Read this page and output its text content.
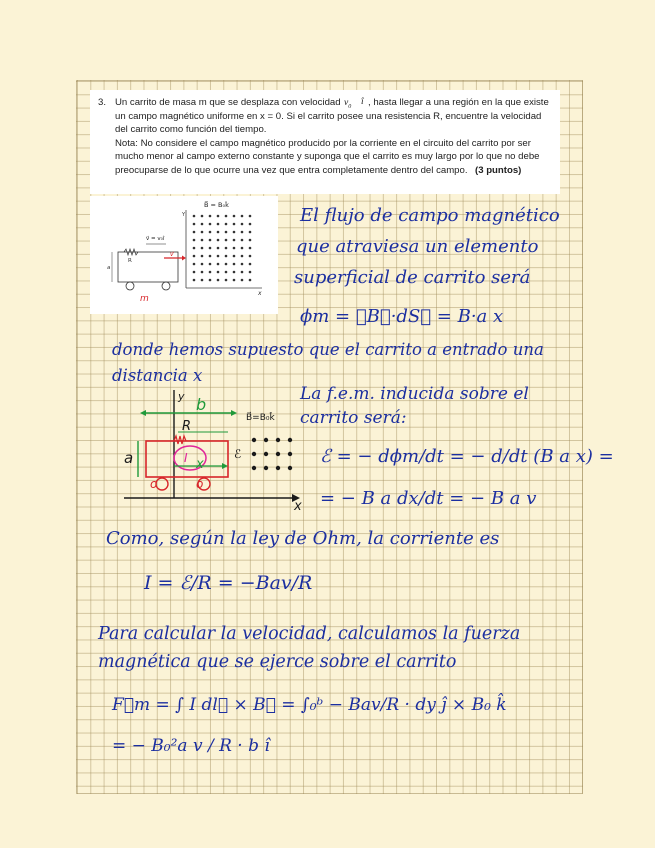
3. Un carrito de masa m que se desplaza con velocidad $v_0$ î , hasta llegar a una región en la que existe
un campo magnético uniforme en x = 0. Si el carrito posee una resistencia R, encuentre la velocidad
del carrito como función del tiempo.
Nota: No considere el campo magnético producido por la corriente en el circuito del carrito por ser
mucho menor al campo externo constante y suponga que el carrito es muy largo por lo que no debe
preocuparse de lo que ocurre una vez que entra completamente dentro del campo. (3 puntos)
Y
x
B⃗ = B₀k̂
v⃗ = v₀î
R
a
v⃗
m
El flujo de campo magnético
que atraviesa un elemento
superficial de carrito será
ϕm = ∮B⃗·dS⃗ = B·a x
donde hemos supuesto que el carrito a entrado una
distancia x
La f.e.m. inducida sobre el
carrito será:
ℰ = − dϕm/dt = − d/dt (B a x) =
= − B a dx/dt = − B a v
x
y b
R
o	o
a	I x
ℰ
B⃗=B₀k̂
Como, según la ley de Ohm, la corriente es
I = ℰ/R = −Bav/R
Para calcular la velocidad, calculamos la fuerza
magnética que se ejerce sobre el carrito
F⃗m = ∫ I dl⃗ × B⃗ = ∫₀ᵇ − Bav/R · dy ĵ × B₀ k̂
= − B₀²a v / R · b î
